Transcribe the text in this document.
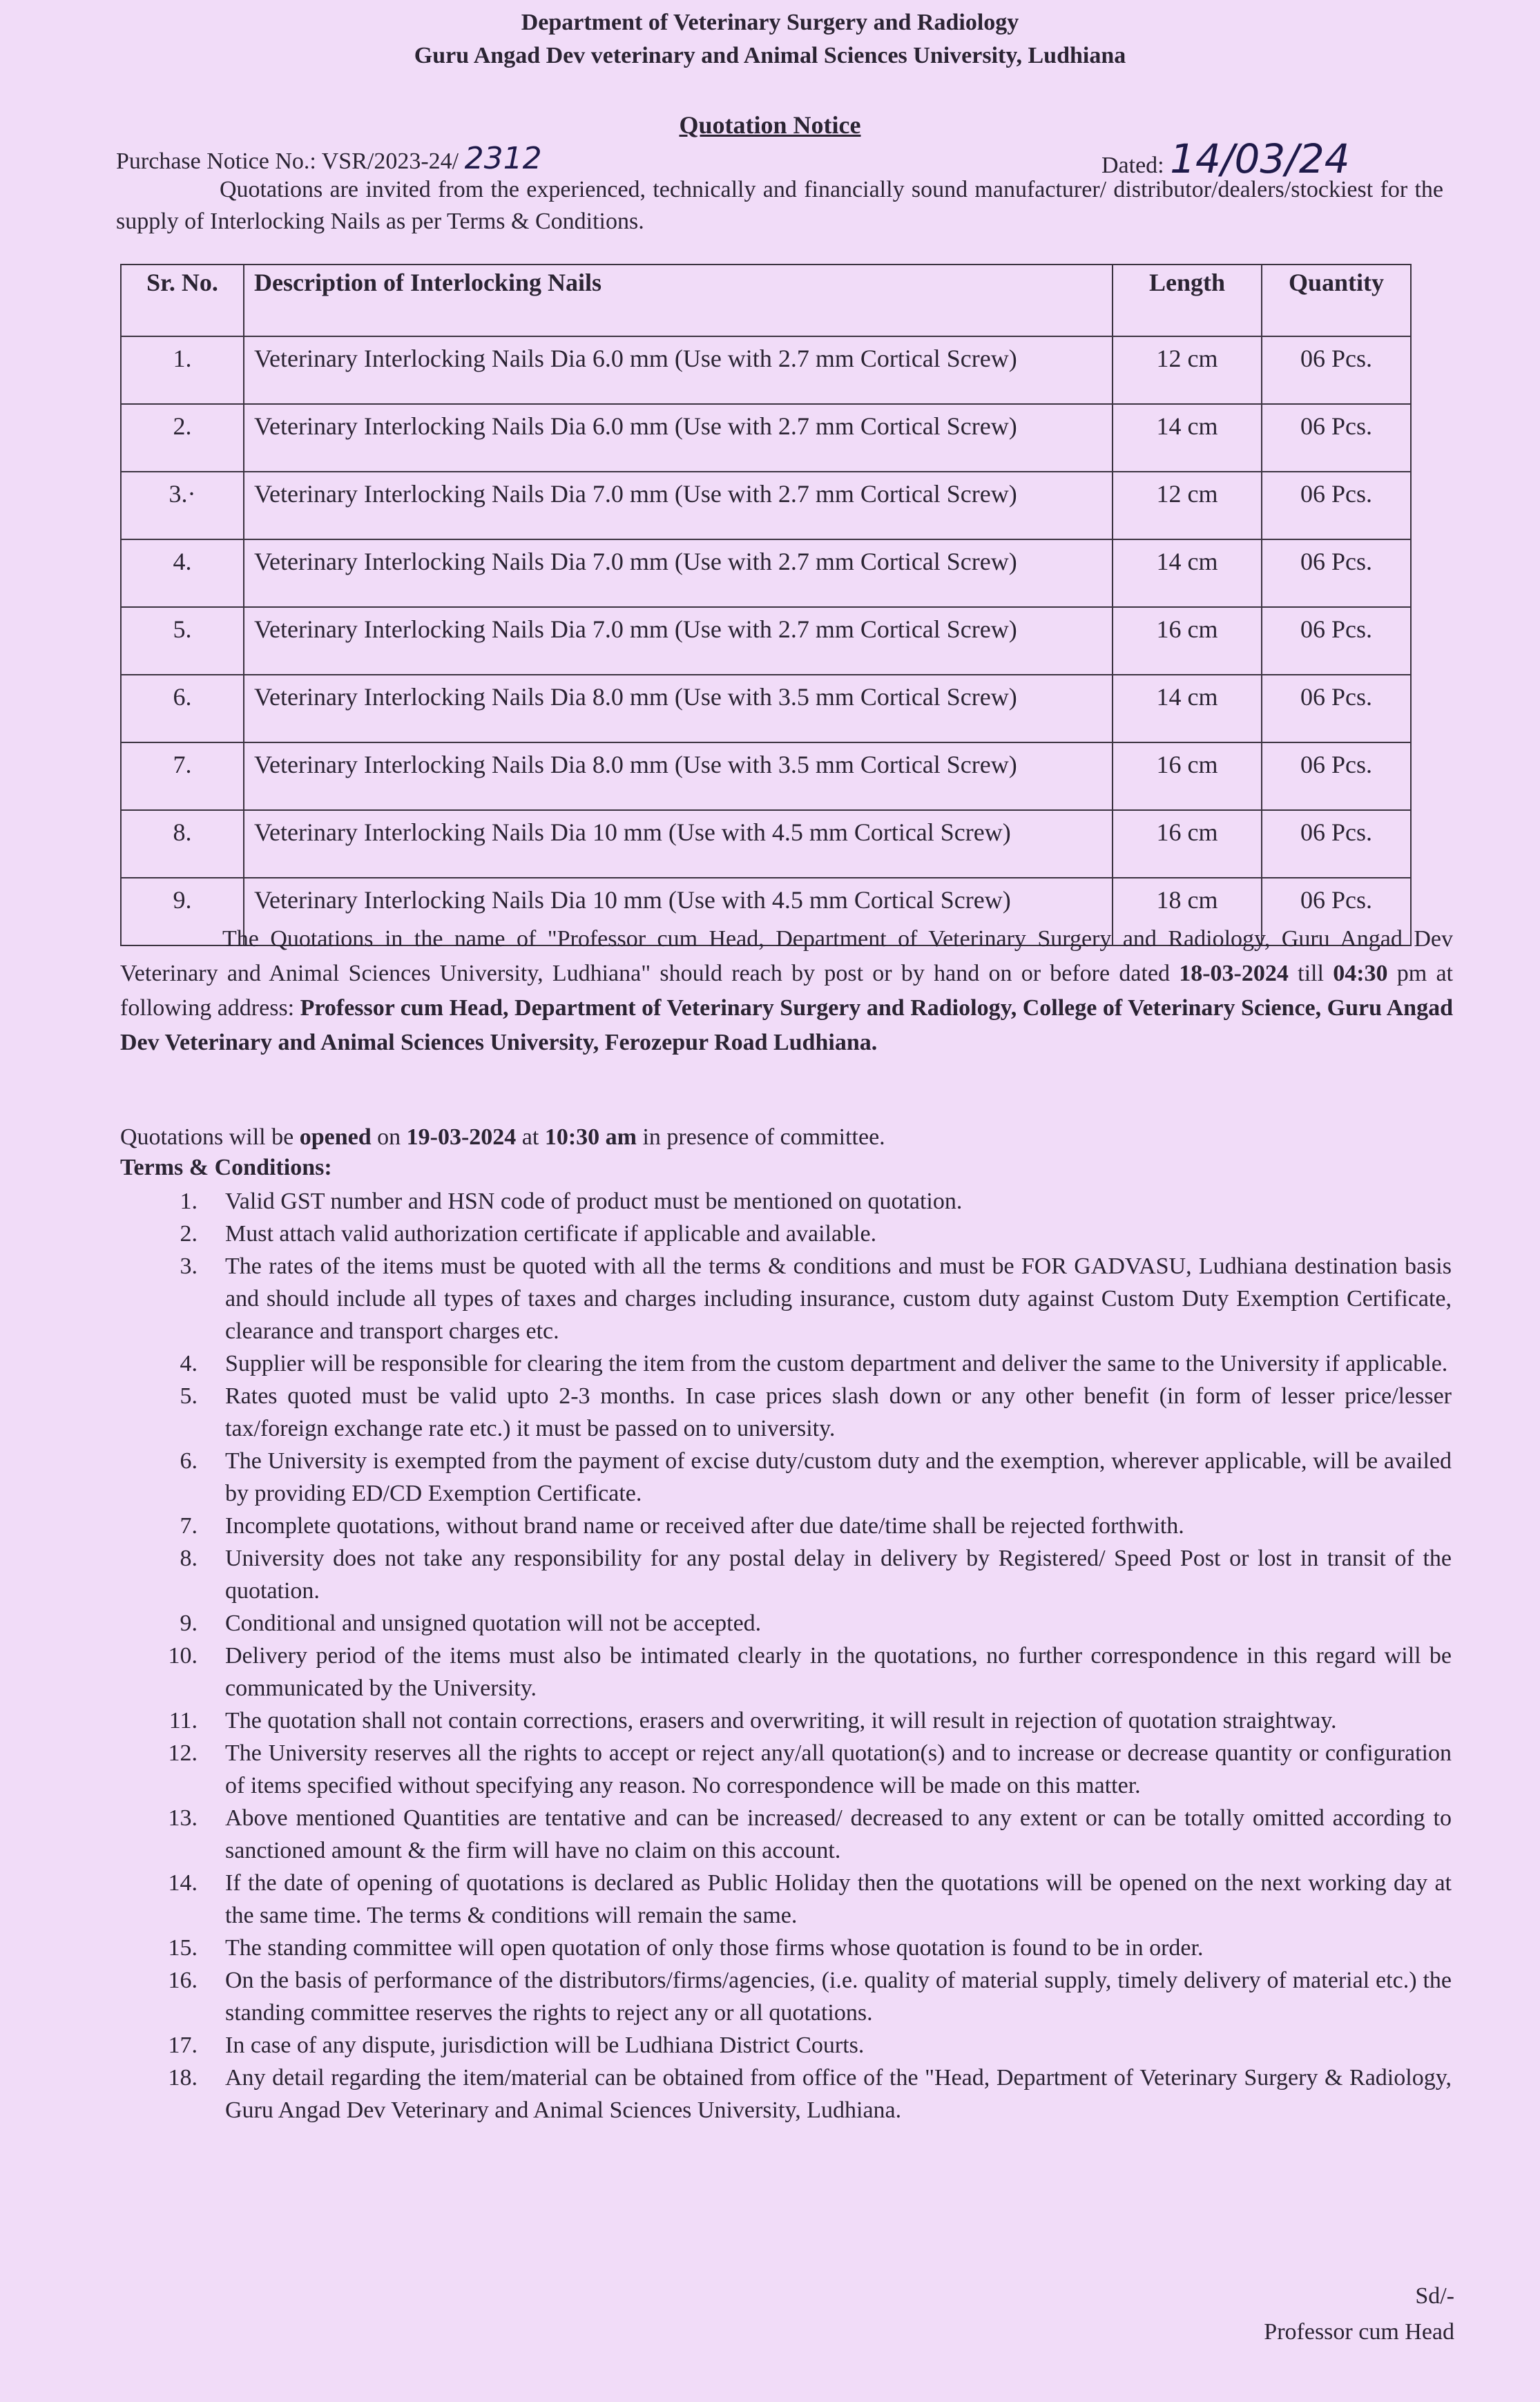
Department of Veterinary Surgery and Radiology
Guru Angad Dev veterinary and Animal Sciences University, Ludhiana
Quotation Notice
Purchase Notice No.: VSR/2023-24/ 2312	Dated: 14/03/24
Quotations are invited from the experienced, technically and financially sound manufacturer/ distributor/dealers/stockiest for the supply of Interlocking Nails as per Terms & Conditions.
Sr. No.	Description of Interlocking Nails	Length	Quantity
1.	Veterinary Interlocking Nails Dia 6.0 mm (Use with 2.7 mm Cortical Screw)	12 cm	06 Pcs.
2.	Veterinary Interlocking Nails Dia 6.0 mm (Use with 2.7 mm Cortical Screw)	14 cm	06 Pcs.
3.·	Veterinary Interlocking Nails Dia 7.0 mm (Use with 2.7 mm Cortical Screw)	12 cm	06 Pcs.
4.	Veterinary Interlocking Nails Dia 7.0 mm (Use with 2.7 mm Cortical Screw)	14 cm	06 Pcs.
5.	Veterinary Interlocking Nails Dia 7.0 mm (Use with 2.7 mm Cortical Screw)	16 cm	06 Pcs.
6.	Veterinary Interlocking Nails Dia 8.0 mm (Use with 3.5 mm Cortical Screw)	14 cm	06 Pcs.
7.	Veterinary Interlocking Nails Dia 8.0 mm (Use with 3.5 mm Cortical Screw)	16 cm	06 Pcs.
8.	Veterinary Interlocking Nails Dia 10 mm (Use with 4.5 mm Cortical Screw)	16 cm	06 Pcs.
9.	Veterinary Interlocking Nails Dia 10 mm (Use with 4.5 mm Cortical Screw)	18 cm	06 Pcs.
The Quotations in the name of "Professor cum Head, Department of Veterinary Surgery and Radiology, Guru Angad Dev Veterinary and Animal Sciences University, Ludhiana" should reach by post or by hand on or before dated 18-03-2024 till 04:30 pm at following address: Professor cum Head, Department of Veterinary Surgery and Radiology, College of Veterinary Science, Guru Angad Dev Veterinary and Animal Sciences University, Ferozepur Road Ludhiana.
Quotations will be opened on 19-03-2024 at 10:30 am in presence of committee.
Terms & Conditions:
1. Valid GST number and HSN code of product must be mentioned on quotation.
2. Must attach valid authorization certificate if applicable and available.
3. The rates of the items must be quoted with all the terms & conditions and must be FOR GADVASU, Ludhiana destination basis and should include all types of taxes and charges including insurance, custom duty against Custom Duty Exemption Certificate, clearance and transport charges etc.
4. Supplier will be responsible for clearing the item from the custom department and deliver the same to the University if applicable.
5. Rates quoted must be valid upto 2-3 months. In case prices slash down or any other benefit (in form of lesser price/lesser tax/foreign exchange rate etc.) it must be passed on to university.
6. The University is exempted from the payment of excise duty/custom duty and the exemption, wherever applicable, will be availed by providing ED/CD Exemption Certificate.
7. Incomplete quotations, without brand name or received after due date/time shall be rejected forthwith.
8. University does not take any responsibility for any postal delay in delivery by Registered/ Speed Post or lost in transit of the quotation.
9. Conditional and unsigned quotation will not be accepted.
10. Delivery period of the items must also be intimated clearly in the quotations, no further correspondence in this regard will be communicated by the University.
11. The quotation shall not contain corrections, erasers and overwriting, it will result in rejection of quotation straightway.
12. The University reserves all the rights to accept or reject any/all quotation(s) and to increase or decrease quantity or configuration of items specified without specifying any reason. No correspondence will be made on this matter.
13. Above mentioned Quantities are tentative and can be increased/ decreased to any extent or can be totally omitted according to sanctioned amount & the firm will have no claim on this account.
14. If the date of opening of quotations is declared as Public Holiday then the quotations will be opened on the next working day at the same time. The terms & conditions will remain the same.
15. The standing committee will open quotation of only those firms whose quotation is found to be in order.
16. On the basis of performance of the distributors/firms/agencies, (i.e. quality of material supply, timely delivery of material etc.) the standing committee reserves the rights to reject any or all quotations.
17. In case of any dispute, jurisdiction will be Ludhiana District Courts.
18. Any detail regarding the item/material can be obtained from office of the "Head, Department of Veterinary Surgery & Radiology, Guru Angad Dev Veterinary and Animal Sciences University, Ludhiana.
Sd/-
Professor cum Head
